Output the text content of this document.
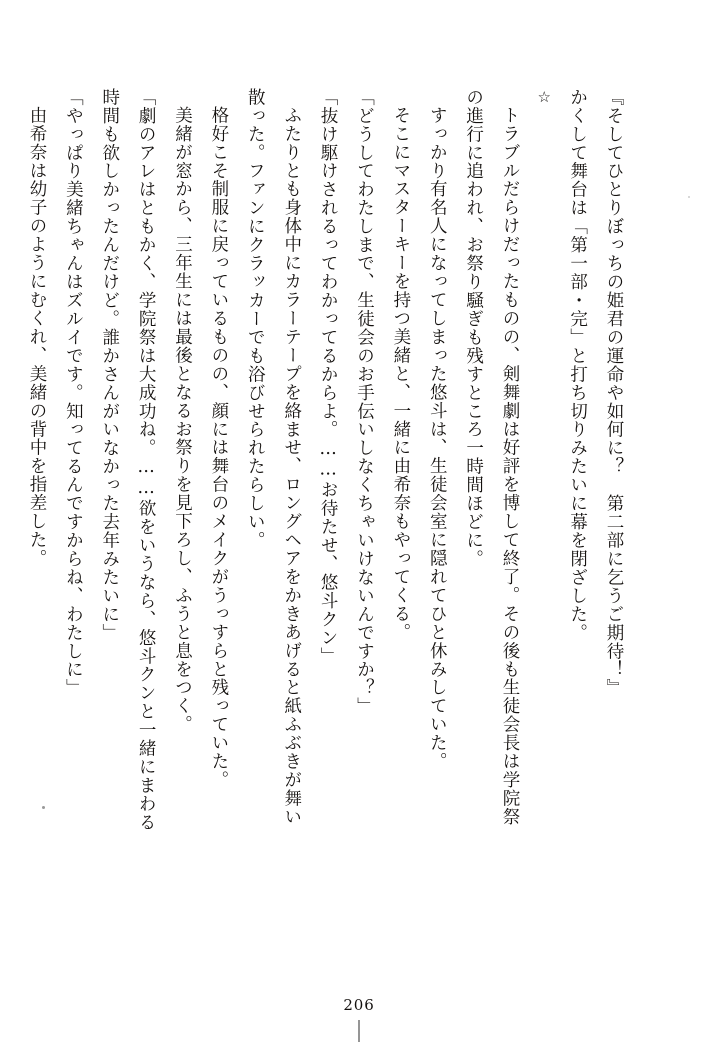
『そしてひとりぼっちの姫君の運命や如何に？　第二部に乞うご期待！』

かくして舞台は「第一部・完」と打ち切りみたいに幕を閉ざした。

☆

トラブルだらけだったものの、剣舞劇は好評を博して終了。その後も生徒会長は学院祭

の進行に追われ、お祭り騒ぎも残すところ一時間ほどに。

すっかり有名人になってしまった悠斗は、生徒会室に隠れてひと休みしていた。

そこにマスターキーを持つ美緒と、一緒に由希奈もやってくる。

「どうしてわたしまで、生徒会のお手伝いしなくちゃいけないんですか？」

「抜け駆けされるってわかってるからよ。……お待たせ、悠斗クン」

ふたりとも身体中にカラーテープを絡ませ、ロングヘアをかきあげると紙ふぶきが舞い

散った。ファンにクラッカーでも浴びせられたらしい。

格好こそ制服に戻っているものの、顔には舞台のメイクがうっすらと残っていた。

美緒が窓から、三年生には最後となるお祭りを見下ろし、ふうと息をつく。

「劇のアレはともかく、学院祭は大成功ね。……欲をいうなら、悠斗クンと一緒にまわる

時間も欲しかったんだけど。誰かさんがいなかった去年みたいに」

「やっぱり美緒ちゃんはズルイです。知ってるんですからね、わたしに」

由希奈は幼子のようにむくれ、美緒の背中を指差した。

206
